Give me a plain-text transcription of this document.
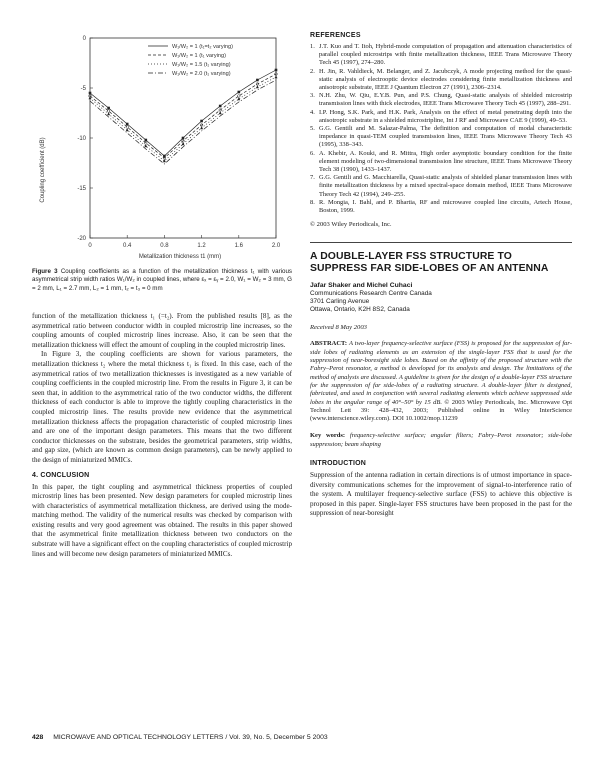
0	0.4	0.8	1.2	1.6	2.0
0
-5
-10
-15
-20
W₁/W₂ = 1 (t₁=t₂ varying)
W₁/W₂ = 1 (t₁ varying)
W₁/W₂ = 1.5 (t₁ varying)
W₁/W₂ = 2.0 (t₁ varying)
Coupling coefficient (dB)
Metallization thickness t1 (mm)
Figure 3 Coupling coefficients as a function of the metallization thickness t₁ with various asymmetrical strip width ratios W₁/W₂ in coupled lines, where εₓ = εᵧ = 2.0, W₁ = W₂ = 3 mm, G = 2 mm, L₁ = 2.7 mm, L₂ = 1 mm, t₂ = t₃ = 0 mm

function of the metallization thickness t₁ (=t₂). From the published results [8], as the asymmetrical ratio between conductor width in coupled microstrip line increases, so the coupling amounts of coupled microstrip lines increase. Also, it can be seen that the metallization thickness will effect the amount of coupling in the coupled microstrip lines.

In Figure 3, the coupling coefficients are shown for various parameters, the metallization thickness t₂ where the metal thickness t₁ is fixed. In this case, each of the asymmetrical ratios of two metallization thicknesses is investigated as a new variable of coupling coefficients in the coupled microstrip line. From the results in Figure 3, it can be seen that, in addition to the asymmetrical ratio of the two conductor widths, the different thickness of each conductor is able to improve the tightly coupling characteristics in the coupled microstrip lines. The results provide new evidence that the asymmetrical metallization thickness affects the propagation characteristic of coupled microstrip lines and are one of the important design parameters. This means that the two different conductor thicknesses on the substrate, besides the geometrical parameters, strip widths, and gap size, (which are known as common design parameters), can be newly applied to the design of miniaturized MMICs.

4. CONCLUSION

In this paper, the tight coupling and asymmetrical thickness properties of coupled microstrip lines has been presented. New design parameters for coupled microstrip lines with characteristics of asymmetrical metallization thickness, are derived using the mode-matching method. The validity of the numerical results was checked by comparison with existing results and very good agreement was obtained. The results in this paper showed that the asymmetrical finite metallization thickness between two conductors on the substrate will have a significant effect on the coupling characteristics of coupled microstrip lines and will become new design parameters of miniaturized MMICs.

REFERENCES
1. J.T. Kuo and T. Itoh, Hybrid-mode computation of propagation and attenuation characteristics of parallel coupled microstrips with finite metallization thickness, IEEE Trans Microwave Theory Tech 45 (1997), 274–280.
2. H. Jin, R. Vahldieck, M. Belanger, and Z. Jacubczyk, A mode projecting method for the quasi-static analysis of electrooptic device electrodes considering finite metallization thickness and anisotropic substrate, IEEE J Quantum Electron 27 (1991), 2306–2314.
3. N.H. Zhu, W. Qiu, E.Y.B. Pun, and P.S. Chung, Quasi-static analysis of shielded microstrip transmission lines with thick electrodes, IEEE Trans Microwave Theory Tech 45 (1997), 288–291.
4. I.P. Hong, S.K. Park, and H.K. Park, Analysis on the effect of metal penetrating depth into the anisotropic substrate in a shielded microstripline, Int J RF and Microwave CAE 9 (1999), 49–53.
5. G.G. Gentili and M. Salazar-Palma, The definition and computation of modal characteristic impedance in quasi-TEM coupled transmission lines, IEEE Trans Microwave Theory Tech 43 (1995), 338–343.
6. A. Khebir, A. Kouki, and R. Mittra, High order asymptotic boundary condition for the finite element modeling of two-dimensional transmission line structure, IEEE Trans Microwave Theory Tech 38 (1990), 1433–1437.
7. G.G. Gentili and G. Macchiarella, Quasi-static analysis of shielded planar transmission lines with finite metallization thickness by a mixed spectral-space domain method, IEEE Trans Microwave Theory Tech 42 (1994), 249–255.
8. R. Mongia, I. Bahl, and P. Bhartia, RF and microwave coupled line circuits, Artech House, Boston, 1999.

© 2003 Wiley Periodicals, Inc.

A DOUBLE-LAYER FSS STRUCTURE TO SUPPRESS FAR SIDE-LOBES OF AN ANTENNA

Jafar Shaker and Michel Cuhaci

Communications Research Centre Canada

3701 Carling Avenue

Ottawa, Ontario, K2H 8S2, Canada

Received 8 May 2003

ABSTRACT: A two-layer frequency-selective surface (FSS) is proposed for the suppression of far-side lobes of radiating elements as an extension of the single-layer FSS that is used for the suppression of near-boresight side lobes. Based on the affinity of the proposed structure with the Fabry–Perot resonator, a method is developed for its analysis and design. The limitations of the method of analysis are discussed. A guideline is given for the design of a double-layer FSS structure for the suppression of far side-lobes of a radiating structure. A double-layer filter is designed, fabricated, and used in conjunction with several radiating elements which achieve suppressed side lobes in the angular range of 40°–50° by 15 dB. © 2003 Wiley Periodicals, Inc. Microwave Opt Technol Lett 39: 428–432, 2003; Published online in Wiley InterScience (www.interscience.wiley.com). DOI 10.1002/mop.11239

Key words: frequency-selective surface; angular filters; Fabry–Perot resonator; side-lobe suppression; beam shaping

INTRODUCTION

Suppression of the antenna radiation in certain directions is of utmost importance in space-diversity communications schemes for the improvement of signal-to-interference ratio of the system. A multilayer frequency-selective surface (FSS) to achieve this objective is proposed in this paper. Single-layer FSS structures have been proposed in the past for the suppression of near-boresight

428 MICROWAVE AND OPTICAL TECHNOLOGY LETTERS / Vol. 39, No. 5, December 5 2003
